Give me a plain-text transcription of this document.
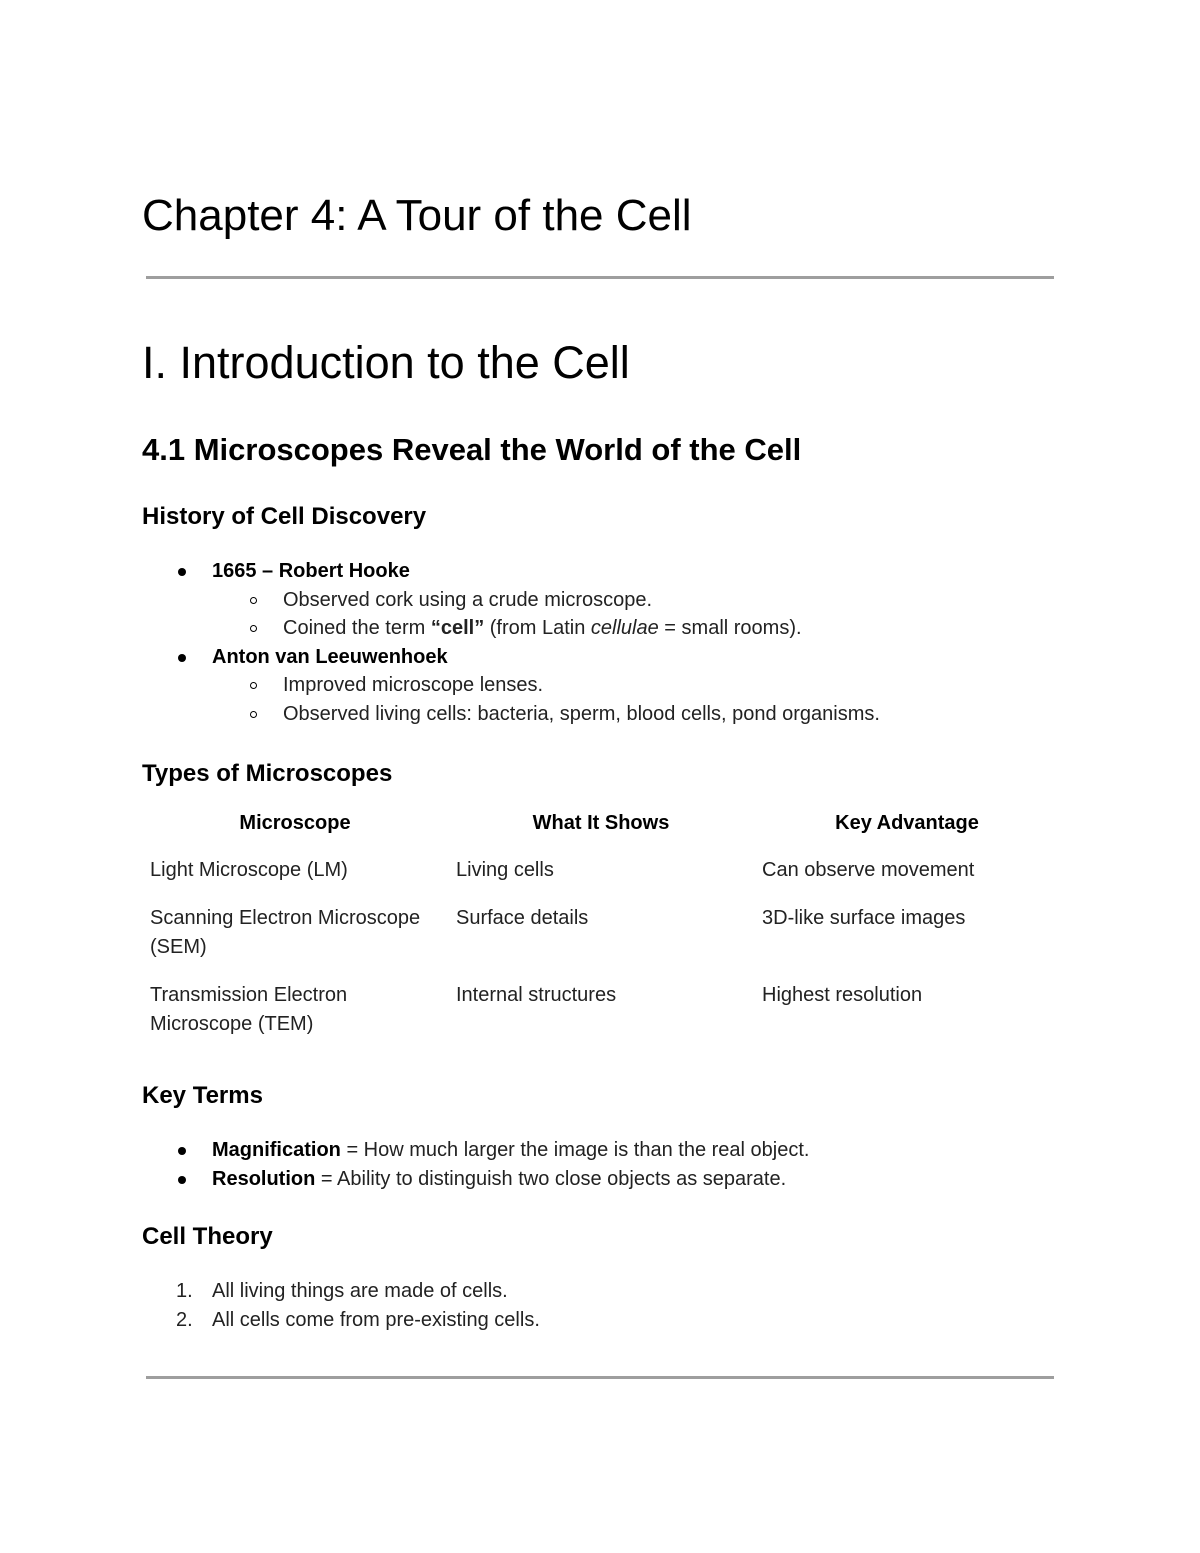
Chapter 4: A Tour of the Cell
I. Introduction to the Cell
4.1 Microscopes Reveal the World of the Cell
History of Cell Discovery
1665 – Robert Hooke
Observed cork using a crude microscope.
Coined the term “cell” (from Latin cellulae = small rooms).
Anton van Leeuwenhoek
Improved microscope lenses.
Observed living cells: bacteria, sperm, blood cells, pond organisms.
Types of Microscopes
Microscope	What It Shows	Key Advantage
Light Microscope (LM)	Living cells	Can observe movement
Scanning Electron Microscope (SEM)	Surface details	3D-like surface images
Transmission Electron Microscope (TEM)	Internal structures	Highest resolution
Key Terms
Magnification = How much larger the image is than the real object.
Resolution = Ability to distinguish two close objects as separate.
Cell Theory
1. All living things are made of cells.
2. All cells come from pre-existing cells.
